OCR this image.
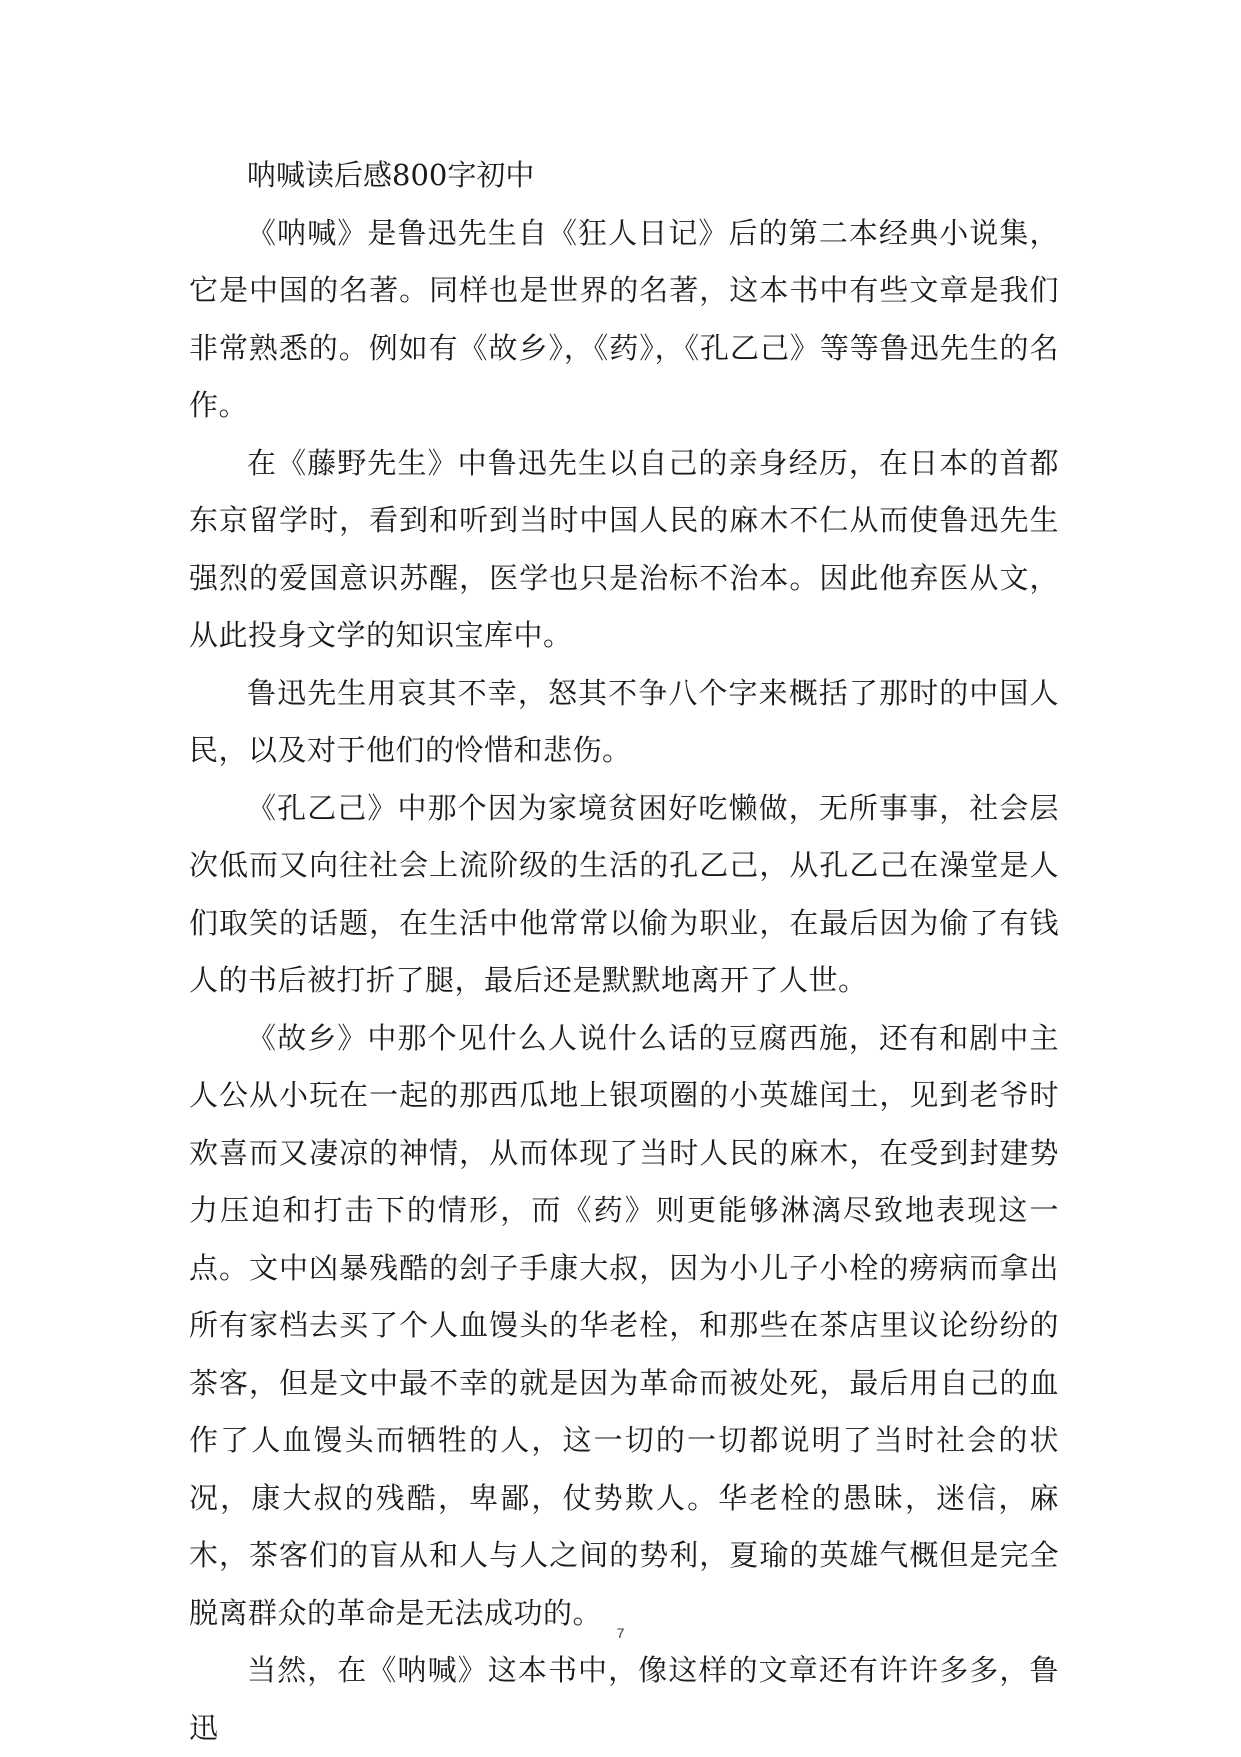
呐喊读后感800字初中

《呐喊》是鲁迅先生自《狂人日记》后的第二本经典小说集，它是中国的名著。同样也是世界的名著，这本书中有些文章是我们非常熟悉的。例如有《故乡》，《药》，《孔乙己》等等鲁迅先生的名作。

在《藤野先生》中鲁迅先生以自己的亲身经历，在日本的首都东京留学时，看到和听到当时中国人民的麻木不仁从而使鲁迅先生强烈的爱国意识苏醒，医学也只是治标不治本。因此他弃医从文，从此投身文学的知识宝库中。

鲁迅先生用哀其不幸，怒其不争八个字来概括了那时的中国人民，以及对于他们的怜惜和悲伤。

《孔乙己》中那个因为家境贫困好吃懒做，无所事事，社会层次低而又向往社会上流阶级的生活的孔乙己，从孔乙己在澡堂是人们取笑的话题，在生活中他常常以偷为职业，在最后因为偷了有钱人的书后被打折了腿，最后还是默默地离开了人世。

《故乡》中那个见什么人说什么话的豆腐西施，还有和剧中主人公从小玩在一起的那西瓜地上银项圈的小英雄闰土，见到老爷时欢喜而又凄凉的神情，从而体现了当时人民的麻木，在受到封建势力压迫和打击下的情形，而《药》则更能够淋漓尽致地表现这一点。文中凶暴残酷的刽子手康大叔，因为小儿子小栓的痨病而拿出所有家档去买了个人血馒头的华老栓，和那些在茶店里议论纷纷的茶客，但是文中最不幸的就是因为革命而被处死，最后用自己的血作了人血馒头而牺牲的人，这一切的一切都说明了当时社会的状况，康大叔的残酷，卑鄙，仗势欺人。华老栓的愚昧，迷信，麻木，茶客们的盲从和人与人之间的势利，夏瑜的英雄气概但是完全脱离群众的革命是无法成功的。

当然，在《呐喊》这本书中，像这样的文章还有许许多多，鲁迅

7
